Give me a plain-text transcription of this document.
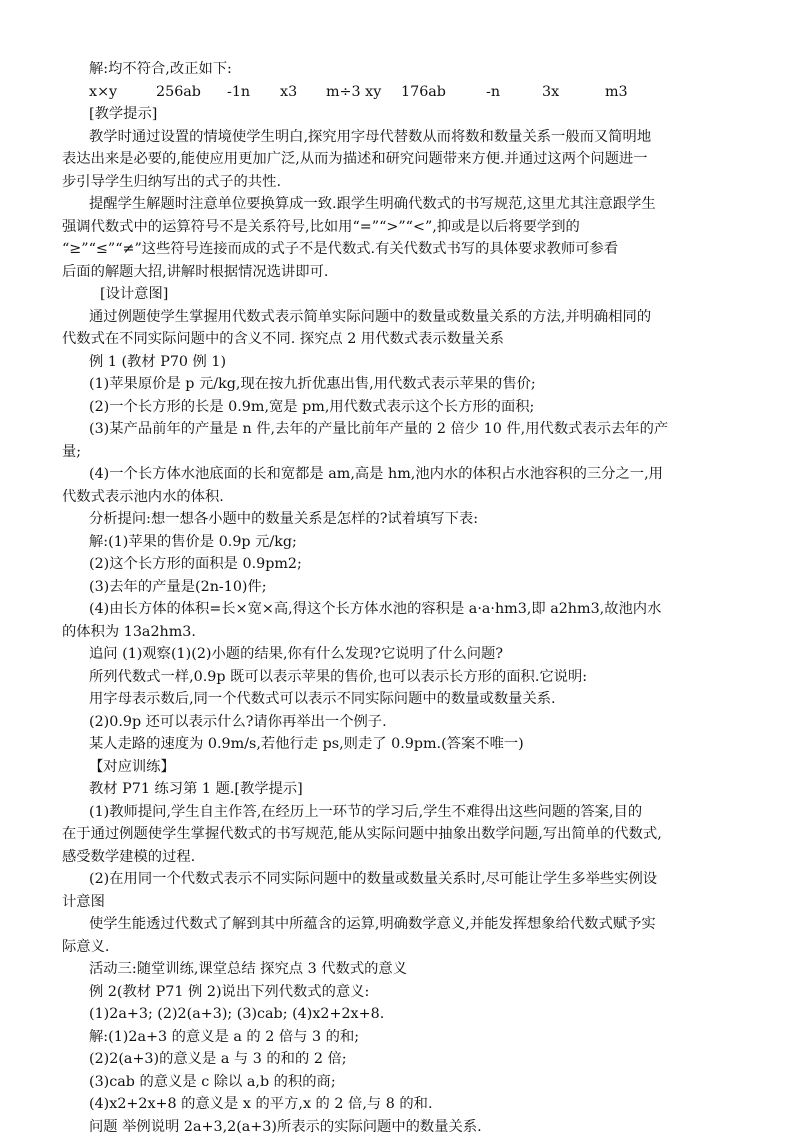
解:均不符合,改正如下:
x×y	256ab	-1n	x3	m÷3 xy	176ab	-n	3x	m3
[教学提示]
教学时通过设置的情境使学生明白,探究用字母代替数从而将数和数量关系一般而又简明地
表达出来是必要的,能使应用更加广泛,从而为描述和研究问题带来方便.并通过这两个问题进一
步引导学生归纳写出的式子的共性.
提醒学生解题时注意单位要换算成一致.跟学生明确代数式的书写规范,这里尤其注意跟学生
强调代数式中的运算符号不是关系符号,比如用“=”“>”“<”,抑或是以后将要学到的
“≥”“≤”“≠”这些符号连接而成的式子不是代数式.有关代数式书写的具体要求教师可参看
后面的解题大招,讲解时根据情况选讲即可.
[设计意图]
通过例题使学生掌握用代数式表示简单实际问题中的数量或数量关系的方法,并明确相同的
代数式在不同实际问题中的含义不同. 探究点 2 用代数式表示数量关系
例 1 (教材 P70 例 1)
(1)苹果原价是 p 元/kg,现在按九折优惠出售,用代数式表示苹果的售价;
(2)一个长方形的长是 0.9m,宽是 pm,用代数式表示这个长方形的面积;
(3)某产品前年的产量是 n 件,去年的产量比前年产量的 2 倍少 10 件,用代数式表示去年的产
量;
(4)一个长方体水池底面的长和宽都是 am,高是 hm,池内水的体积占水池容积的三分之一,用
代数式表示池内水的体积.
分析提问:想一想各小题中的数量关系是怎样的?试着填写下表:
解:(1)苹果的售价是 0.9p 元/kg;
(2)这个长方形的面积是 0.9pm2;
(3)去年的产量是(2n-10)件;
(4)由长方体的体积=长×宽×高,得这个长方体水池的容积是 a·a·hm3,即 a2hm3,故池内水
的体积为 13a2hm3.
追问 (1)观察(1)(2)小题的结果,你有什么发现?它说明了什么问题?
所列代数式一样,0.9p 既可以表示苹果的售价,也可以表示长方形的面积.它说明:
用字母表示数后,同一个代数式可以表示不同实际问题中的数量或数量关系.
(2)0.9p 还可以表示什么?请你再举出一个例子.
某人走路的速度为 0.9m/s,若他行走 ps,则走了 0.9pm.(答案不唯一)
【对应训练】
教材 P71 练习第 1 题.[教学提示]
(1)教师提问,学生自主作答,在经历上一环节的学习后,学生不难得出这些问题的答案,目的
在于通过例题使学生掌握代数式的书写规范,能从实际问题中抽象出数学问题,写出简单的代数式,
感受数学建模的过程.
(2)在用同一个代数式表示不同实际问题中的数量或数量关系时,尽可能让学生多举些实例设
计意图
使学生能透过代数式了解到其中所蕴含的运算,明确数学意义,并能发挥想象给代数式赋予实
际意义.
活动三:随堂训练,课堂总结 探究点 3 代数式的意义
例 2(教材 P71 例 2)说出下列代数式的意义:
(1)2a+3; (2)2(a+3); (3)cab; (4)x2+2x+8.
解:(1)2a+3 的意义是 a 的 2 倍与 3 的和;
(2)2(a+3)的意义是 a 与 3 的和的 2 倍;
(3)cab 的意义是 c 除以 a,b 的积的商;
(4)x2+2x+8 的意义是 x 的平方,x 的 2 倍,与 8 的和.
问题 举例说明 2a+3,2(a+3)所表示的实际问题中的数量关系.
